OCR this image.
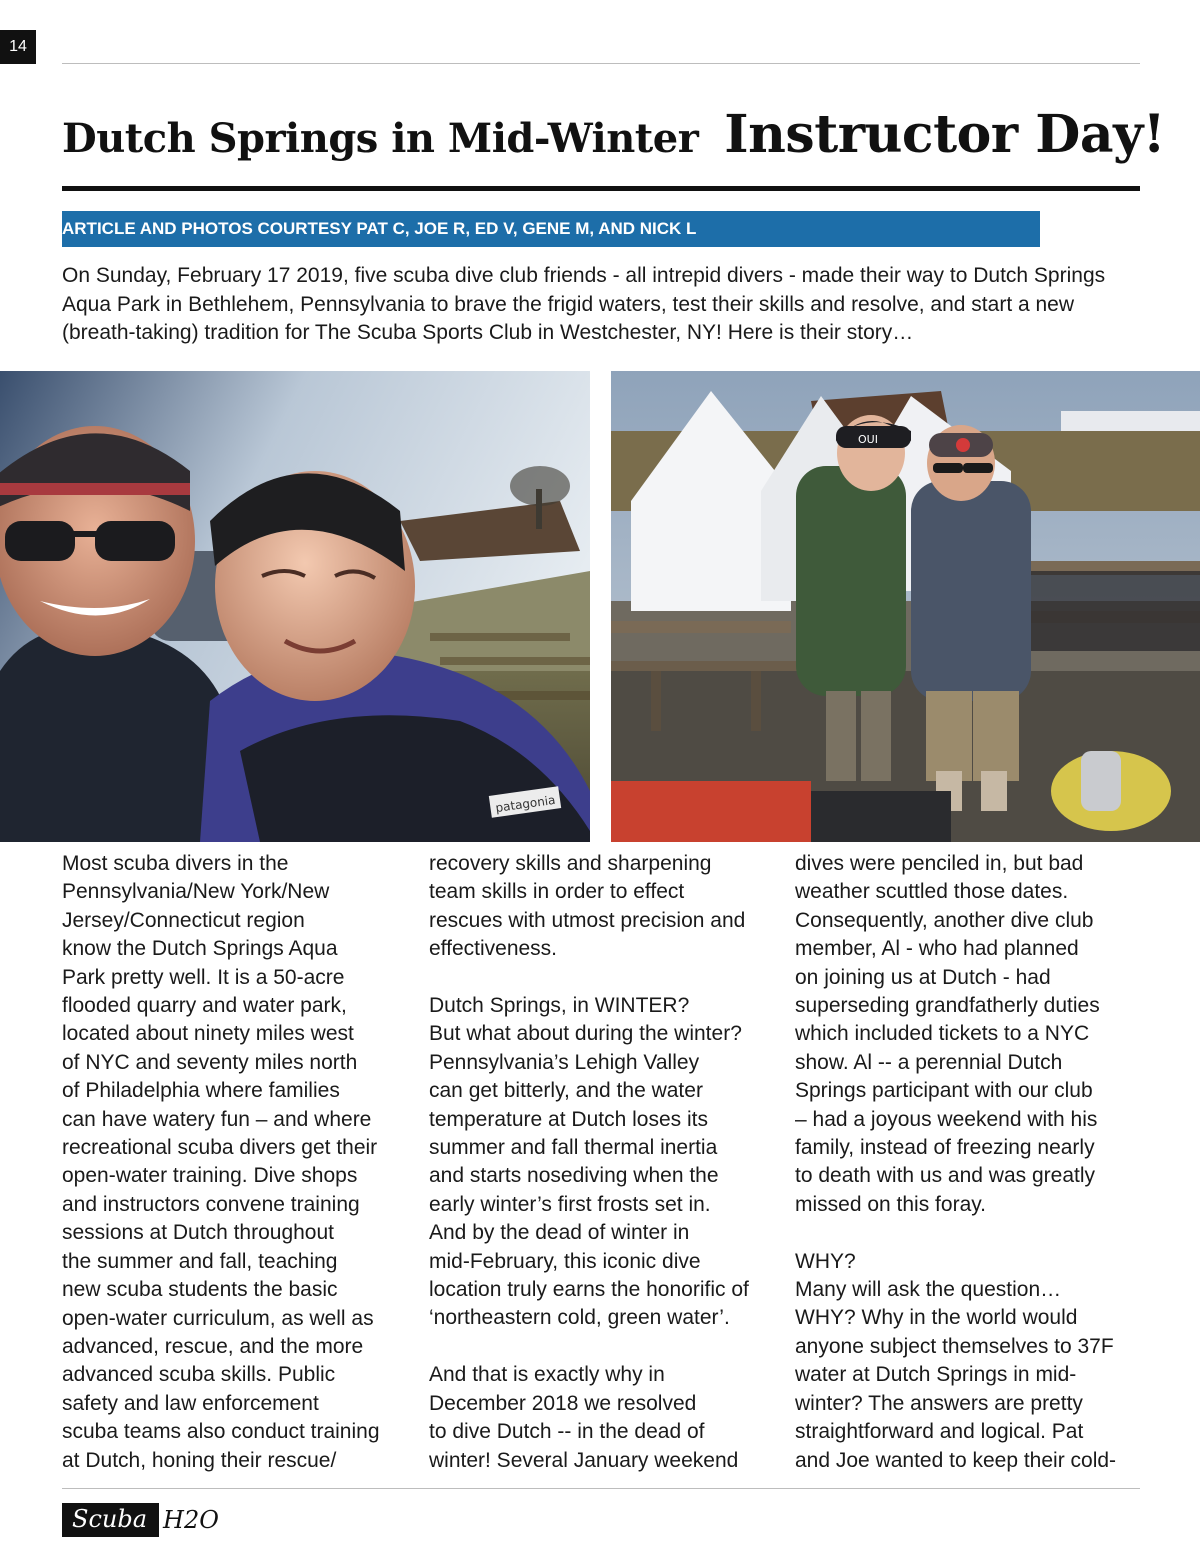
14
Dutch Springs in Mid-Winter Instructor Day!
ARTICLE AND PHOTOS COURTESY PAT C, JOE R, ED V, GENE M, AND NICK L

On Sunday, February 17 2019, five scuba dive club friends - all intrepid divers - made their way to Dutch Springs Aqua Park in Bethlehem, Pennsylvania to brave the frigid waters, test their skills and resolve, and start a new (breath-taking) tradition for The Scuba Sports Club in Westchester, NY! Here is their story…

patagonia
OUI

Most scuba divers in the
Pennsylvania/New York/New
Jersey/Connecticut region
know the Dutch Springs Aqua
Park pretty well. It is a 50-acre
flooded quarry and water park,
located about ninety miles west
of NYC and seventy miles north
of Philadelphia where families
can have watery fun – and where
recreational scuba divers get their
open-water training. Dive shops
and instructors convene training
sessions at Dutch throughout
the summer and fall, teaching
new scuba students the basic
open-water curriculum, as well as
advanced, rescue, and the more
advanced scuba skills. Public
safety and law enforcement
scuba teams also conduct training
at Dutch, honing their rescue/

recovery skills and sharpening
team skills in order to effect
rescues with utmost precision and
effectiveness.

Dutch Springs, in WINTER?
But what about during the winter?
Pennsylvania’s Lehigh Valley
can get bitterly, and the water
temperature at Dutch loses its
summer and fall thermal inertia
and starts nosediving when the
early winter’s first frosts set in.
And by the dead of winter in
mid-February, this iconic dive
location truly earns the honorific of
‘northeastern cold, green water’.

And that is exactly why in
December 2018 we resolved
to dive Dutch -- in the dead of
winter! Several January weekend

dives were penciled in, but bad
weather scuttled those dates.
Consequently, another dive club
member, Al - who had planned
on joining us at Dutch - had
superseding grandfatherly duties
which included tickets to a NYC
show. Al -- a perennial Dutch
Springs participant with our club
– had a joyous weekend with his
family, instead of freezing nearly
to death with us and was greatly
missed on this foray.

WHY?
Many will ask the question…
WHY? Why in the world would
anyone subject themselves to 37F
water at Dutch Springs in mid-
winter? The answers are pretty
straightforward and logical. Pat
and Joe wanted to keep their cold-

Scuba H2O
